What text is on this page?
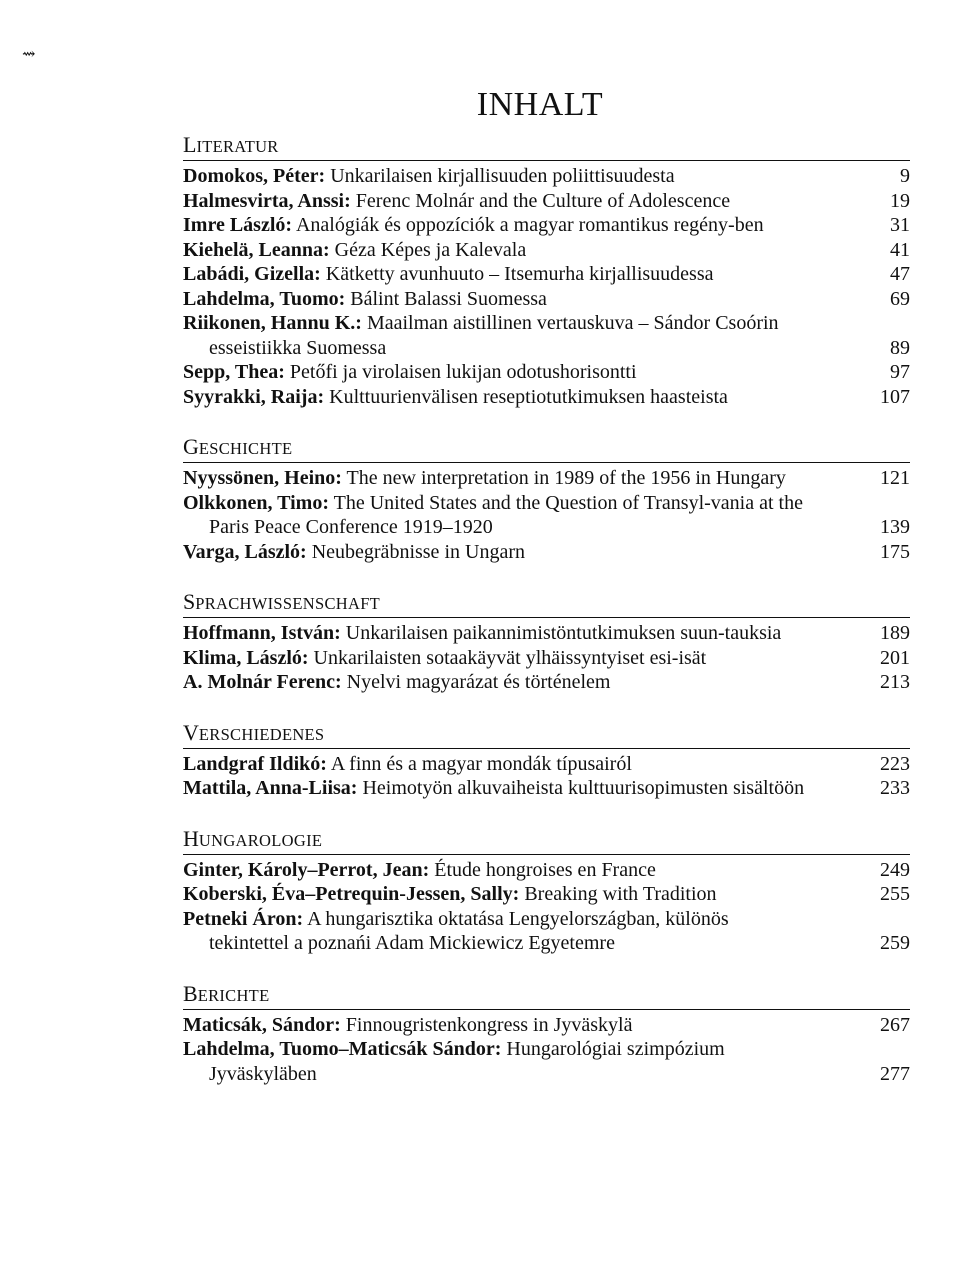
⇝
INHALT
LITERATUR
Domokos, Péter: Unkarilaisen kirjallisuuden poliittisuudesta	9
Halmesvirta, Anssi: Ferenc Molnár and the Culture of Adolescence	19
Imre László: Analógiák és oppozíciók a magyar romantikus regény-ben	31
Kiehelä, Leanna: Géza Képes ja Kalevala	41
Labádi, Gizella: Kätketty avunhuuto – Itsemurha kirjallisuudessa	47
Lahdelma, Tuomo: Bálint Balassi Suomessa	69
Riikonen, Hannu K.: Maailman aistillinen vertauskuva – Sándor Csoórin esseistiikka Suomessa	89
Sepp, Thea: Petőfi ja virolaisen lukijan odotushorisontti	97
Syyrakki, Raija: Kulttuurienvälisen reseptiotutkimuksen haasteista	107
GESCHICHTE
Nyyssönen, Heino: The new interpretation in 1989 of the 1956 in Hungary	121
Olkkonen, Timo: The United States and the Question of Transyl-vania at the Paris Peace Conference 1919–1920	139
Varga, László: Neubegräbnisse in Ungarn	175
SPRACHWISSENSCHAFT
Hoffmann, István: Unkarilaisen paikannimistöntutkimuksen suun-tauksia	189
Klima, László: Unkarilaisten sotaakäyvät ylhäissyntyiset esi-isät	201
A. Molnár Ferenc: Nyelvi magyarázat és történelem	213
VERSCHIEDENES
Landgraf Ildikó: A finn és a magyar mondák típusairól	223
Mattila, Anna-Liisa: Heimotyön alkuvaiheista kulttuurisopimusten sisältöön	233
HUNGAROLOGIE
Ginter, Károly–Perrot, Jean: Étude hongroises en France	249
Koberski, Éva–Petrequin-Jessen, Sally: Breaking with Tradition	255
Petneki Áron: A hungarisztika oktatása Lengyelországban, különös tekintettel a poznańi Adam Mickiewicz Egyetemre	259
BERICHTE
Maticsák, Sándor: Finnougristenkongress in Jyväskylä	267
Lahdelma, Tuomo–Maticsák Sándor: Hungarológiai szimpózium Jyväskyläben	277
